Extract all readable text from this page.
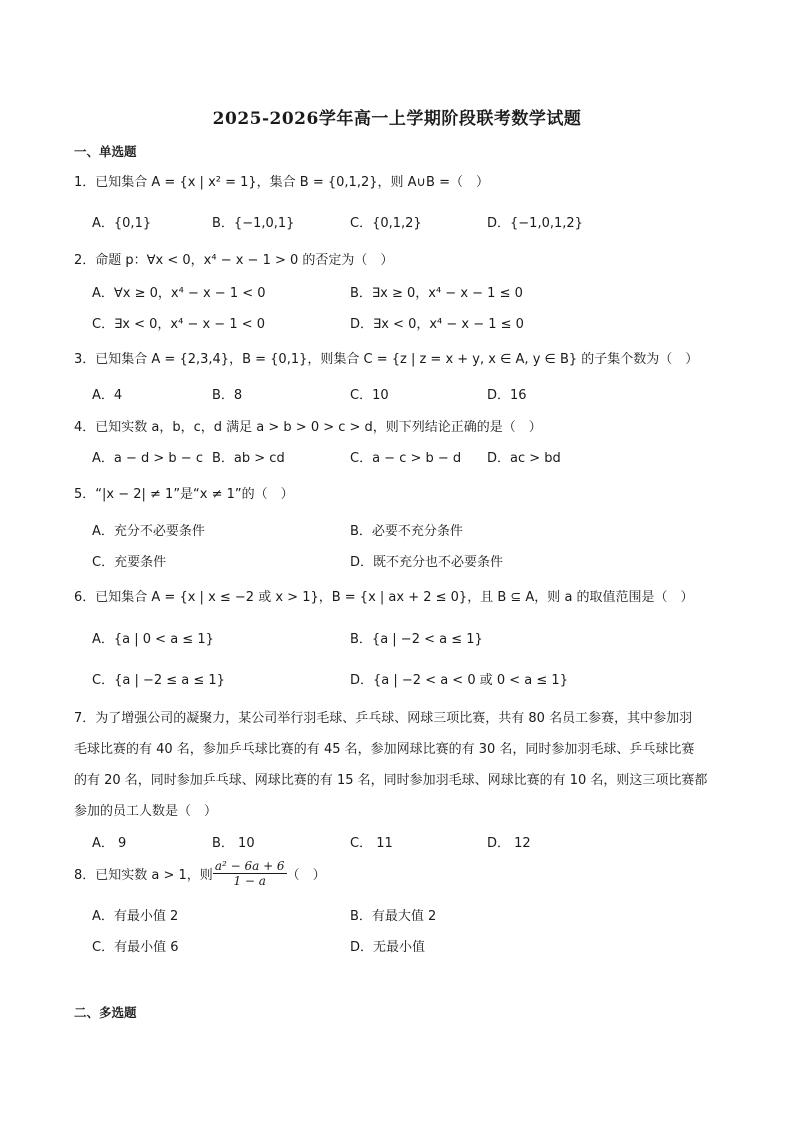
2025-2026学年高一上学期阶段联考数学试题
一、单选题
1．已知集合 A = {x | x² = 1}，集合 B = {0,1,2}，则 A∪B =（　）
A．{0,1}	B．{−1,0,1}	C．{0,1,2}	D．{−1,0,1,2}
2．命题 p：∀x < 0，x⁴ − x − 1 > 0 的否定为（　）
A．∀x ≥ 0，x⁴ − x − 1 < 0	B．∃x ≥ 0，x⁴ − x − 1 ≤ 0
C．∃x < 0，x⁴ − x − 1 < 0	D．∃x < 0，x⁴ − x − 1 ≤ 0
3．已知集合 A = {2,3,4}，B = {0,1}，则集合 C = {z | z = x + y, x ∈ A, y ∈ B} 的子集个数为（　）
A．4	B．8	C．10	D．16
4．已知实数 a，b，c，d 满足 a > b > 0 > c > d，则下列结论正确的是（　）
A．a − d > b − c B．ab > cd	C．a − c > b − d D．ac > bd
5．“|x − 2| ≠ 1”是“x ≠ 1”的（　）
A．充分不必要条件	B．必要不充分条件
C．充要条件	D．既不充分也不必要条件
6．已知集合 A = {x | x ≤ −2 或 x > 1}，B = {x | ax + 2 ≤ 0}，且 B ⊆ A，则 a 的取值范围是（　）
A．{a | 0 < a ≤ 1}	B．{a | −2 < a ≤ 1}
C．{a | −2 ≤ a ≤ 1}	D．{a | −2 < a < 0 或 0 < a ≤ 1}
7．为了增强公司的凝聚力，某公司举行羽毛球、乒乓球、网球三项比赛，共有 80 名员工参赛，其中参加羽
毛球比赛的有 40 名，参加乒乓球比赛的有 45 名，参加网球比赛的有 30 名，同时参加羽毛球、乒乓球比赛
的有 20 名，同时参加乒乓球、网球比赛的有 15 名，同时参加羽毛球、网球比赛的有 10 名，则这三项比赛都
参加的员工人数是（　）
A． 9	B． 10	C． 11	D． 12
8．已知实数 a > 1，则 $\frac{\text{a² − 6a + 6}}{1 - a}$ （　）
A．有最小值 2	B．有最大值 2
C．有最小值 6	D．无最小值
二、多选题
